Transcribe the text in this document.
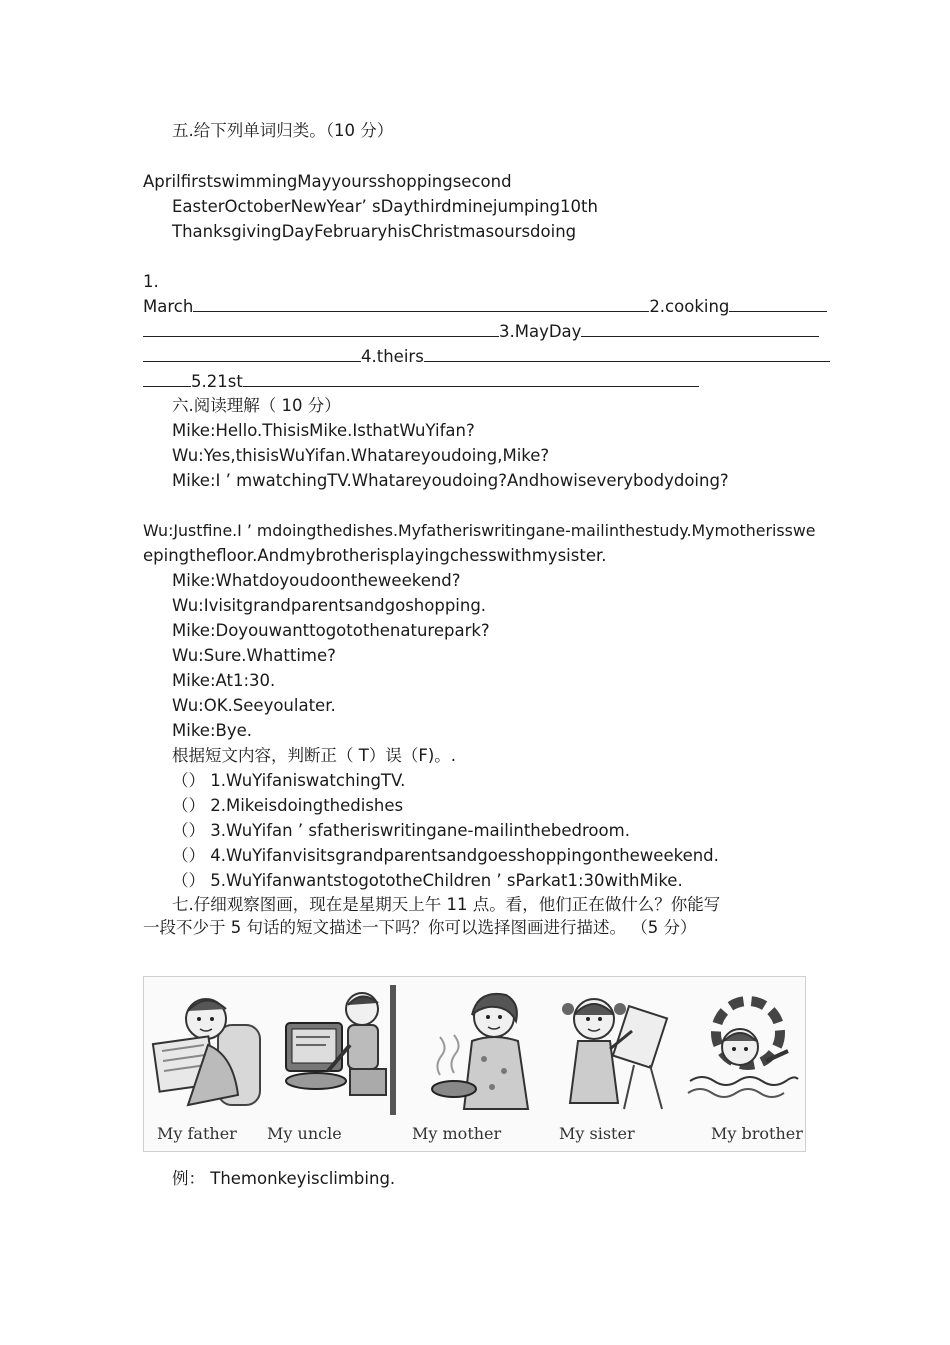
五.给下列单词归类。（10 分）
AprilfirstswimmingMayyoursshoppingsecond
EasterOctoberNewYear’ sDaythirdminejumping10th
ThanksgivingDayFebruaryhisChristmasoursdoing
1.
March	2.cooking
3.MayDay
4.theirs
5.21st
六.阅读理解（ 10 分）
Mike:Hello.ThisisMike.IsthatWuYifan?
Wu:Yes,thisisWuYifan.Whatareyoudoing,Mike?
Mike:I ’ mwatchingTV.Whatareyoudoing?Andhowiseverybodydoing?
Wu:Justfine.I ’ mdoingthedishes.Myfatheriswritingane-mailinthestudy.Mymotherisswe
epingthefloor.Andmybrotherisplayingchesswithmysister.
Mike:Whatdoyoudoontheweekend?
Wu:Ivisitgrandparentsandgoshopping.
Mike:Doyouwanttogotothenaturepark?
Wu:Sure.Whattime?
Mike:At1:30.
Wu:OK.Seeyoulater.
Mike:Bye.
根据短文内容，判断正（ T）误（F)。.
（） 1.WuYifaniswatchingTV.
（） 2.Mikeisdoingthedishes
（） 3.WuYifan ’ sfatheriswritingane-mailinthebedroom.
（） 4.WuYifanvisitsgrandparentsandgoesshoppingontheweekend.
（） 5.WuYifanwantstogototheChildren ’ sParkat1:30withMike.
七.仔细观察图画，现在是星期天上午 11 点。看，他们正在做什么？你能写
一段不少于 5 句话的短文描述一下吗？你可以选择图画进行描述。 （5 分）
My father My uncle	My mother	My sister	My brother
例： Themonkeyisclimbing.
